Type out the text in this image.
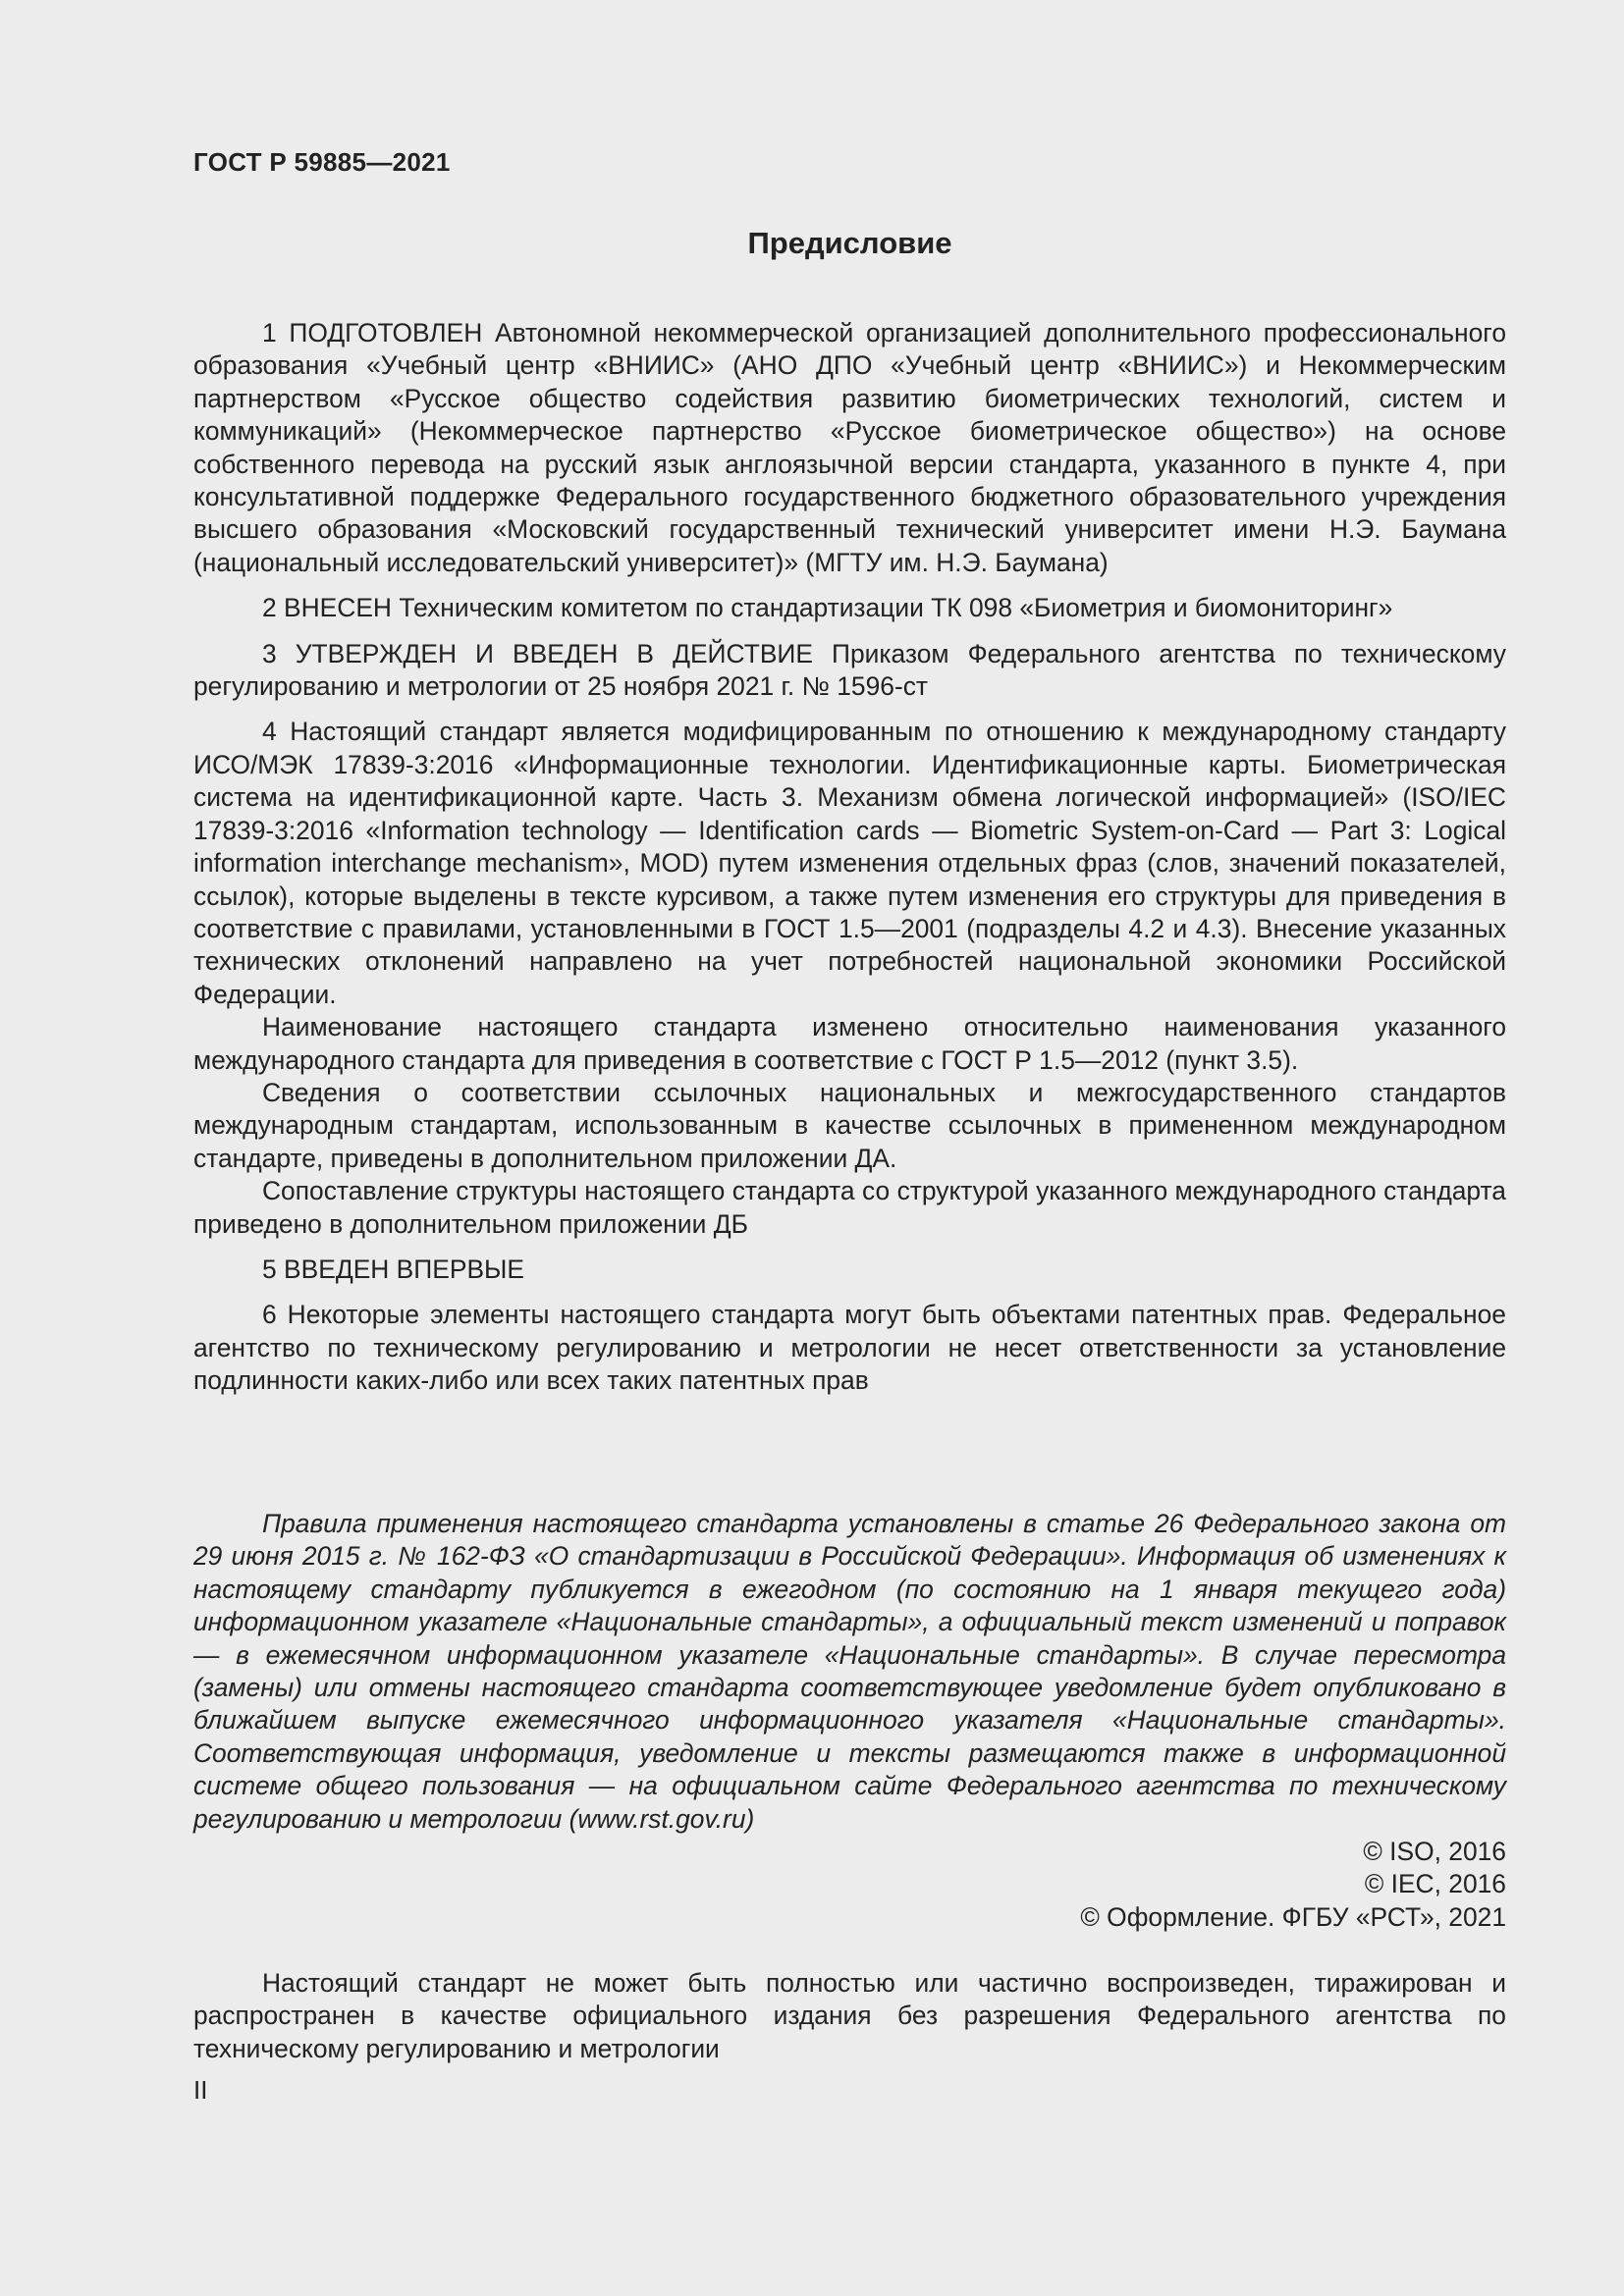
ГОСТ Р 59885—2021
Предисловие

1 ПОДГОТОВЛЕН Автономной некоммерческой организацией дополнительного профессионального образования «Учебный центр «ВНИИС» (АНО ДПО «Учебный центр «ВНИИС») и Некоммерческим партнерством «Русское общество содействия развитию биометрических технологий, систем и коммуникаций» (Некоммерческое партнерство «Русское биометрическое общество») на основе собственного перевода на русский язык англоязычной версии стандарта, указанного в пункте 4, при консультативной поддержке Федерального государственного бюджетного образовательного учреждения высшего образования «Московский государственный технический университет имени Н.Э. Баумана (национальный исследовательский университет)» (МГТУ им. Н.Э. Баумана)

2 ВНЕСЕН Техническим комитетом по стандартизации ТК 098 «Биометрия и биомониторинг»

3 УТВЕРЖДЕН И ВВЕДЕН В ДЕЙСТВИЕ Приказом Федерального агентства по техническому регулированию и метрологии от 25 ноября 2021 г. № 1596-ст

4 Настоящий стандарт является модифицированным по отношению к международному стандарту ИСО/МЭК 17839-3:2016 «Информационные технологии. Идентификационные карты. Биометрическая система на идентификационной карте. Часть 3. Механизм обмена логической информацией» (ISO/IEC 17839-3:2016 «Information technology — Identification cards — Biometric System-on-Card — Part 3: Logical information interchange mechanism», MOD) путем изменения отдельных фраз (слов, значений показателей, ссылок), которые выделены в тексте курсивом, а также путем изменения его структуры для приведения в соответствие с правилами, установленными в ГОСТ 1.5—2001 (подразделы 4.2 и 4.3). Внесение указанных технических отклонений направлено на учет потребностей национальной экономики Российской Федерации.

Наименование настоящего стандарта изменено относительно наименования указанного международного стандарта для приведения в соответствие с ГОСТ Р 1.5—2012 (пункт 3.5).

Сведения о соответствии ссылочных национальных и межгосударственного стандартов международным стандартам, использованным в качестве ссылочных в примененном международном стандарте, приведены в дополнительном приложении ДА.

Сопоставление структуры настоящего стандарта со структурой указанного международного стандарта приведено в дополнительном приложении ДБ

5 ВВЕДЕН ВПЕРВЫЕ

6 Некоторые элементы настоящего стандарта могут быть объектами патентных прав. Федеральное агентство по техническому регулированию и метрологии не несет ответственности за установление подлинности каких-либо или всех таких патентных прав

Правила применения настоящего стандарта установлены в статье 26 Федерального закона от 29 июня 2015 г. № 162-ФЗ «О стандартизации в Российской Федерации». Информация об изменениях к настоящему стандарту публикуется в ежегодном (по состоянию на 1 января текущего года) информационном указателе «Национальные стандарты», а официальный текст изменений и поправок — в ежемесячном информационном указателе «Национальные стандарты». В случае пересмотра (замены) или отмены настоящего стандарта соответствующее уведомление будет опубликовано в ближайшем выпуске ежемесячного информационного указателя «Национальные стандарты». Соответствующая информация, уведомление и тексты размещаются также в информационной системе общего пользования — на официальном сайте Федерального агентства по техническому регулированию и метрологии (www.rst.gov.ru)

© ISO, 2016
© IEC, 2016
© Оформление. ФГБУ «РСТ», 2021

Настоящий стандарт не может быть полностью или частично воспроизведен, тиражирован и распространен в качестве официального издания без разрешения Федерального агентства по техническому регулированию и метрологии

II
